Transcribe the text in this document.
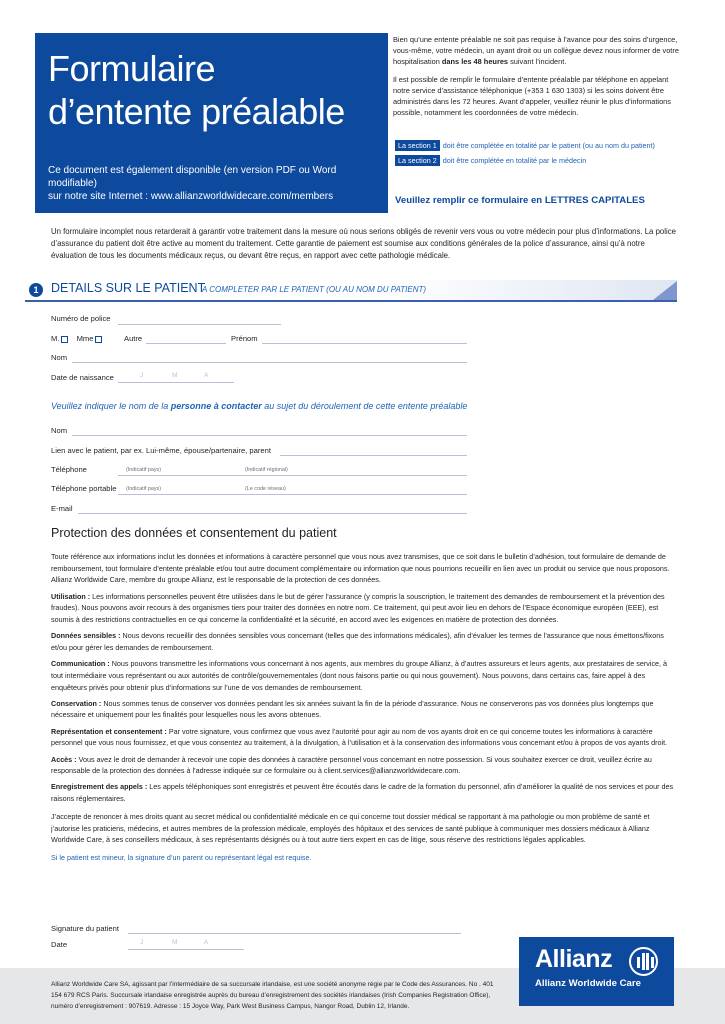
Formulaire
d’entente préalable
Ce document est également disponible (en version PDF ou Word modifiable)
sur notre site Internet : www.allianzworldwidecare.com/members

Bien qu’une entente préalable ne soit pas requise à l’avance pour des soins d’urgence, vous-même, votre médecin, un ayant droit ou un collègue devez nous informer de votre hospitalisation dans les 48 heures suivant l’incident.

Il est possible de remplir le formulaire d’entente préalable par téléphone en appelant notre service d’assistance téléphonique (+353 1 630 1303) si les soins doivent être administrés dans les 72 heures. Avant d’appeler, veuillez réunir le plus d’informations possible, notamment les coordonnées de votre médecin.

La section 1 doit être complétée en totalité par le patient (ou au nom du patient)
La section 2 doit être complétée en totalité par le médecin
Veuillez remplir ce formulaire en LETTRES CAPITALES
Un formulaire incomplet nous retarderait à garantir votre traitement dans la mesure où nous serions obligés de revenir vers vous ou votre médecin pour plus d’informations. La police d’assurance du patient doit être active au moment du traitement. Cette garantie de paiement est soumise aux conditions générales de la police d’assurance, ainsi qu’à notre évaluation de tous les documents médicaux reçus, ou devant être reçus, en rapport avec cette pathologie médicale.
1	DETAILS SUR LE PATIENT
A COMPLETER PAR LE PATIENT (OU AU NOM DU PATIENT)
Numéro de police
M. Mme	Autre	Prénom
Nom
Date de naissance	J	M	A
Veuillez indiquer le nom de la personne à contacter au sujet du déroulement de cette entente préalable
Nom
Lien avec le patient, par ex. Lui-même, épouse/partenaire, parent
Téléphone	(Indicatif pays)	(Indicatif régional)
Téléphone portable (Indicatif pays)	(Le code réseau)
E-mail
Protection des données et consentement du patient

Toute référence aux informations inclut les données et informations à caractère personnel que vous nous avez transmises, que ce soit dans le bulletin d’adhésion, tout formulaire de demande de remboursement, tout formulaire d’entente préalable et/ou tout autre document complémentaire ou information que nous pourrions recueillir en lien avec un produit ou service que nous proposons. Allianz Worldwide Care, membre du groupe Allianz, est le responsable de la protection de ces données.

Utilisation : Les informations personnelles peuvent être utilisées dans le but de gérer l’assurance (y compris la souscription, le traitement des demandes de remboursement et la prévention des fraudes). Nous pouvons avoir recours à des organismes tiers pour traiter des données en notre nom. Ce traitement, qui peut avoir lieu en dehors de l’Espace économique européen (EEE), est soumis à des restrictions contractuelles en ce qui concerne la confidentialité et la sécurité, en accord avec les exigences en matière de protection des données.

Données sensibles : Nous devons recueillir des données sensibles vous concernant (telles que des informations médicales), afin d’évaluer les termes de l’assurance que nous émettons/fixons et/ou pour gérer les demandes de remboursement.

Communication : Nous pouvons transmettre les informations vous concernant à nos agents, aux membres du groupe Allianz, à d’autres assureurs et leurs agents, aux prestataires de service, à tout intermédiaire vous représentant ou aux autorités de contrôle/gouvernementales (dont nous faisons partie ou qui nous gouvernent). Nous pouvons, dans certains cas, faire appel à des enquêteurs privés pour obtenir plus d’informations sur l’une de vos demandes de remboursement.

Conservation : Nous sommes tenus de conserver vos données pendant les six années suivant la fin de la période d’assurance. Nous ne conserverons pas vos données plus longtemps que nécessaire et uniquement pour les finalités pour lesquelles nous les avons obtenues.

Représentation et consentement : Par votre signature, vous confirmez que vous avez l’autorité pour agir au nom de vos ayants droit en ce qui concerne toutes les informations à caractère personnel que vous nous fournissez, et que vous consentez au traitement, à la divulgation, à l’utilisation et à la conservation des informations vous concernant et/ou à propos de vos ayants droit.

Accès : Vous avez le droit de demander à recevoir une copie des données à caractère personnel vous concernant en notre possession. Si vous souhaitez exercer ce droit, veuillez écrire au responsable de la protection des données à l’adresse indiquée sur ce formulaire ou à client.services@allianzworldwidecare.com.

Enregistrement des appels : Les appels téléphoniques sont enregistrés et peuvent être écoutés dans le cadre de la formation du personnel, afin d’améliorer la qualité de nos services et pour des raisons réglementaires.

J’accepte de renoncer à mes droits quant au secret médical ou confidentialité médicale en ce qui concerne tout dossier médical se rapportant à ma pathologie ou mon problème de santé et j’autorise les praticiens, médecins, et autres membres de la profession médicale, employés des hôpitaux et des services de santé publique à communiquer mes dossiers médicaux à Allianz Worldwide Care, à ses conseillers médicaux, à ses représentants désignés ou à tout autre tiers expert en cas de litige, sous réserve des restrictions légales applicables.

Si le patient est mineur, la signature d’un parent ou représentant légal est requise.

Signature du patient
Date	J	M	A
Allianz Worldwide Care SA, agissant par l’intermédiaire de sa succursale irlandaise, est une société anonyme régie par le Code des Assurances. No . 401 154 679 RCS Paris. Succursale irlandaise enregistrée auprès du bureau d’enregistrement des sociétés irlandaises (Irish Companies Registration Office), numéro d’enregistrement : 907619. Adresse : 15 Joyce Way, Park West Business Campus, Nangor Road, Dublin 12, Irlande.
Allianz
Allianz Worldwide Care
